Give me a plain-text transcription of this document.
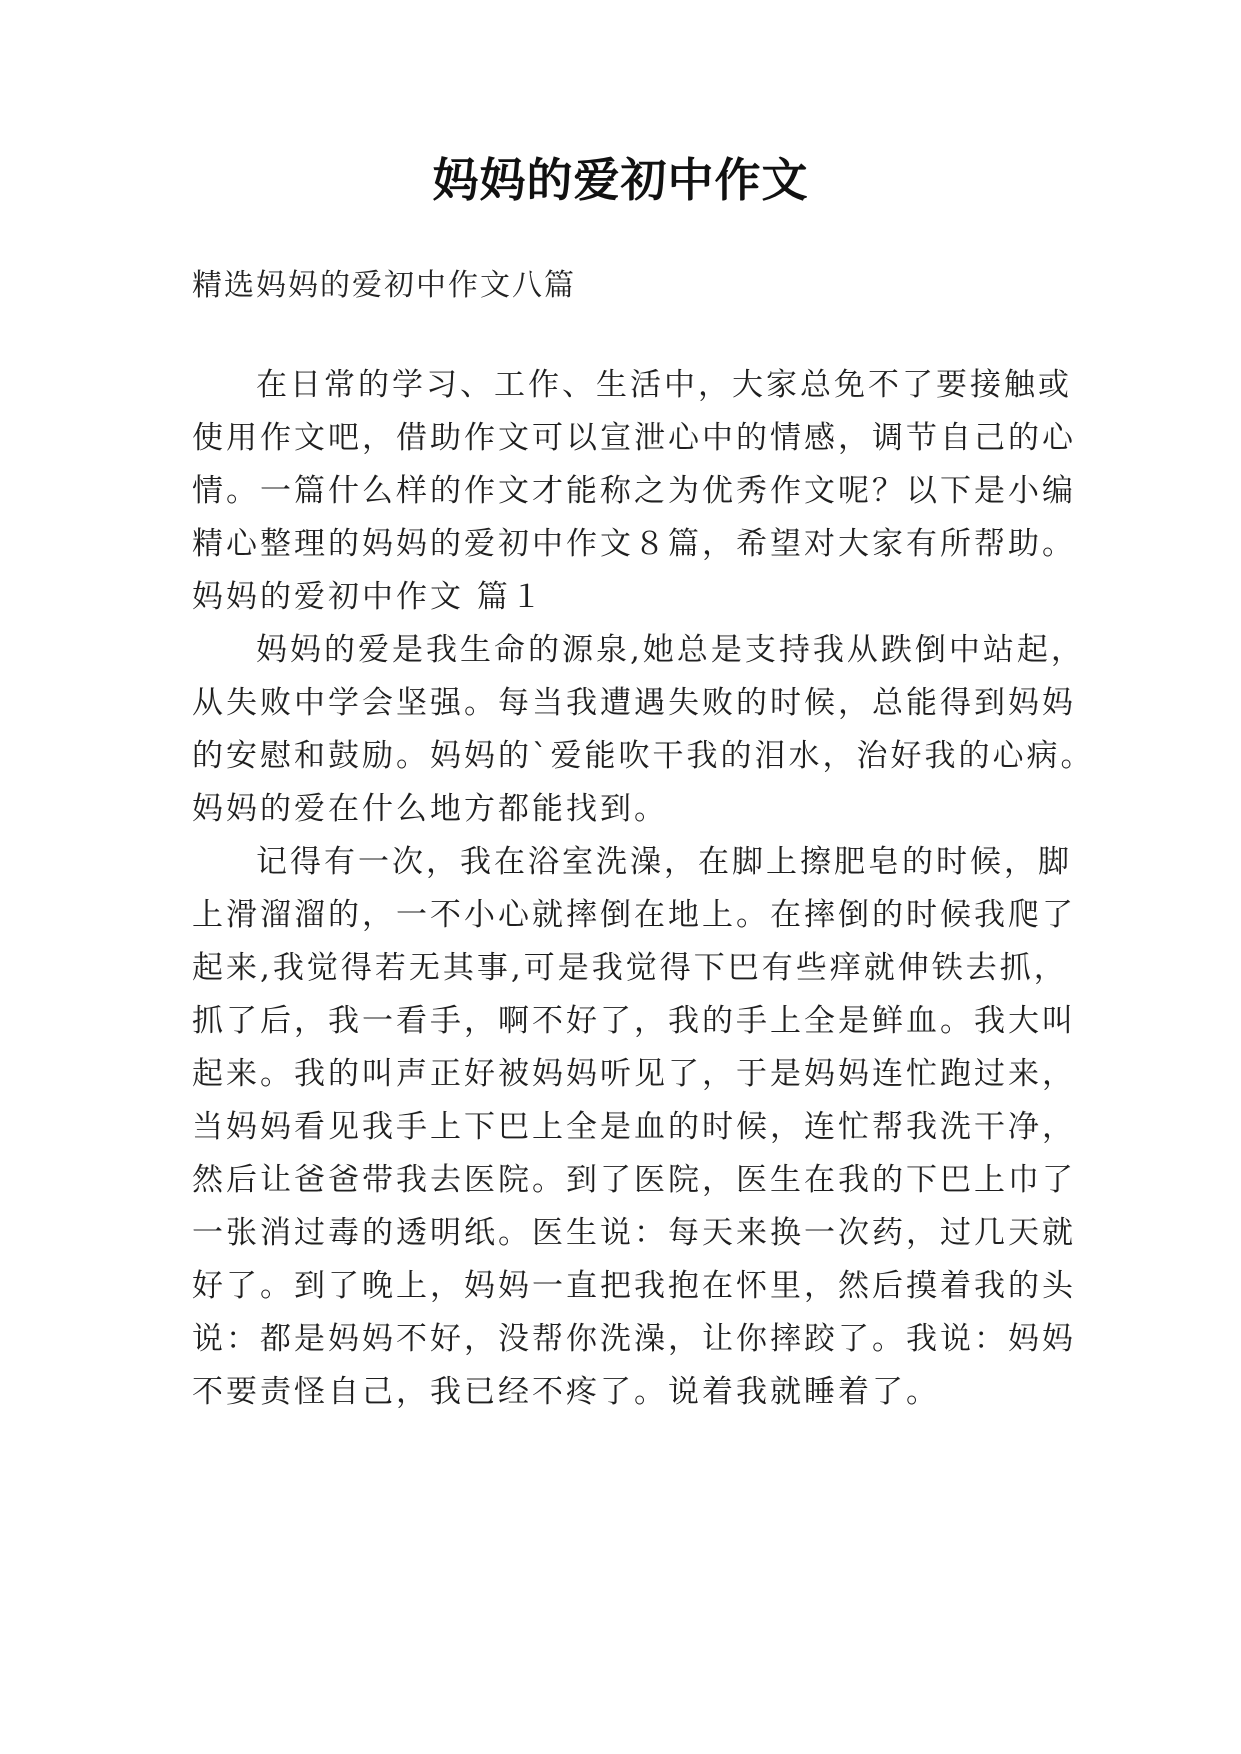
妈妈的爱初中作文
精选妈妈的爱初中作文八篇
在日常的学习、工作、生活中，大家总免不了要接触或
使用作文吧，借助作文可以宣泄心中的情感，调节自己的心
情。一篇什么样的作文才能称之为优秀作文呢？以下是小编
精心整理的妈妈的爱初中作文８篇，希望对大家有所帮助。
妈妈的爱初中作文 篇１
妈妈的爱是我生命的源泉,她总是支持我从跌倒中站起，
从失败中学会坚强。每当我遭遇失败的时候，总能得到妈妈
的安慰和鼓励。妈妈的`爱能吹干我的泪水，治好我的心病。
妈妈的爱在什么地方都能找到。
记得有一次，我在浴室洗澡，在脚上擦肥皂的时候，脚
上滑溜溜的，一不小心就摔倒在地上。在摔倒的时候我爬了
起来,我觉得若无其事,可是我觉得下巴有些痒就伸铁去抓，
抓了后，我一看手，啊不好了，我的手上全是鲜血。我大叫
起来。我的叫声正好被妈妈听见了，于是妈妈连忙跑过来，
当妈妈看见我手上下巴上全是血的时候，连忙帮我洗干净，
然后让爸爸带我去医院。到了医院，医生在我的下巴上巾了
一张消过毒的透明纸。医生说：每天来换一次药，过几天就
好了。到了晚上，妈妈一直把我抱在怀里，然后摸着我的头
说：都是妈妈不好，没帮你洗澡，让你摔跤了。我说：妈妈
不要责怪自己，我已经不疼了。说着我就睡着了。
